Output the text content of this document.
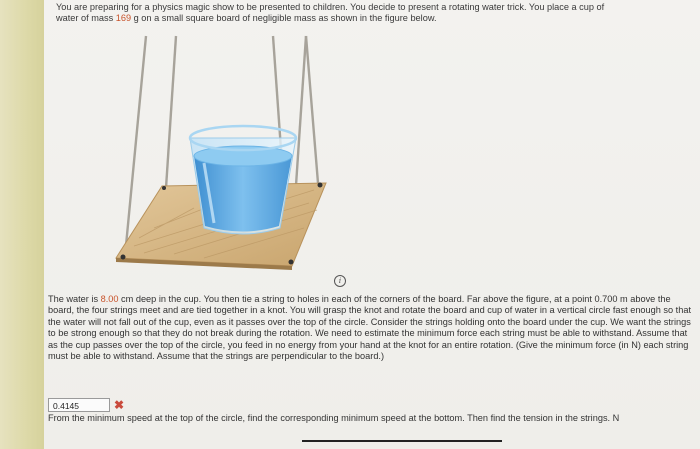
You are preparing for a physics magic show to be presented to children. You decide to present a rotating water trick. You place a cup of
water of mass 169 g on a small square board of negligible mass as shown in the figure below.
i
The water is 8.00 cm deep in the cup. You then tie a string to holes in each of the corners of the board. Far above the figure, at a point 0.700 m above the board, the four strings meet and are tied together in a knot. You will grasp the knot and rotate the board and cup of water in a vertical circle fast enough so that the water will not fall out of the cup, even as it passes over the top of the circle. Consider the strings holding onto the board under the cup. We want the strings to be strong enough so that they do not break during the rotation. We need to estimate the minimum force each string must be able to withstand. Assume that as the cup passes over the top of the circle, you feed in no energy from your hand at the knot for an entire rotation. (Give the minimum force (in N) each string must be able to withstand. Assume that the strings are perpendicular to the board.)
0.4145	✖
From the minimum speed at the top of the circle, find the corresponding minimum speed at the bottom. Then find the tension in the strings. N
